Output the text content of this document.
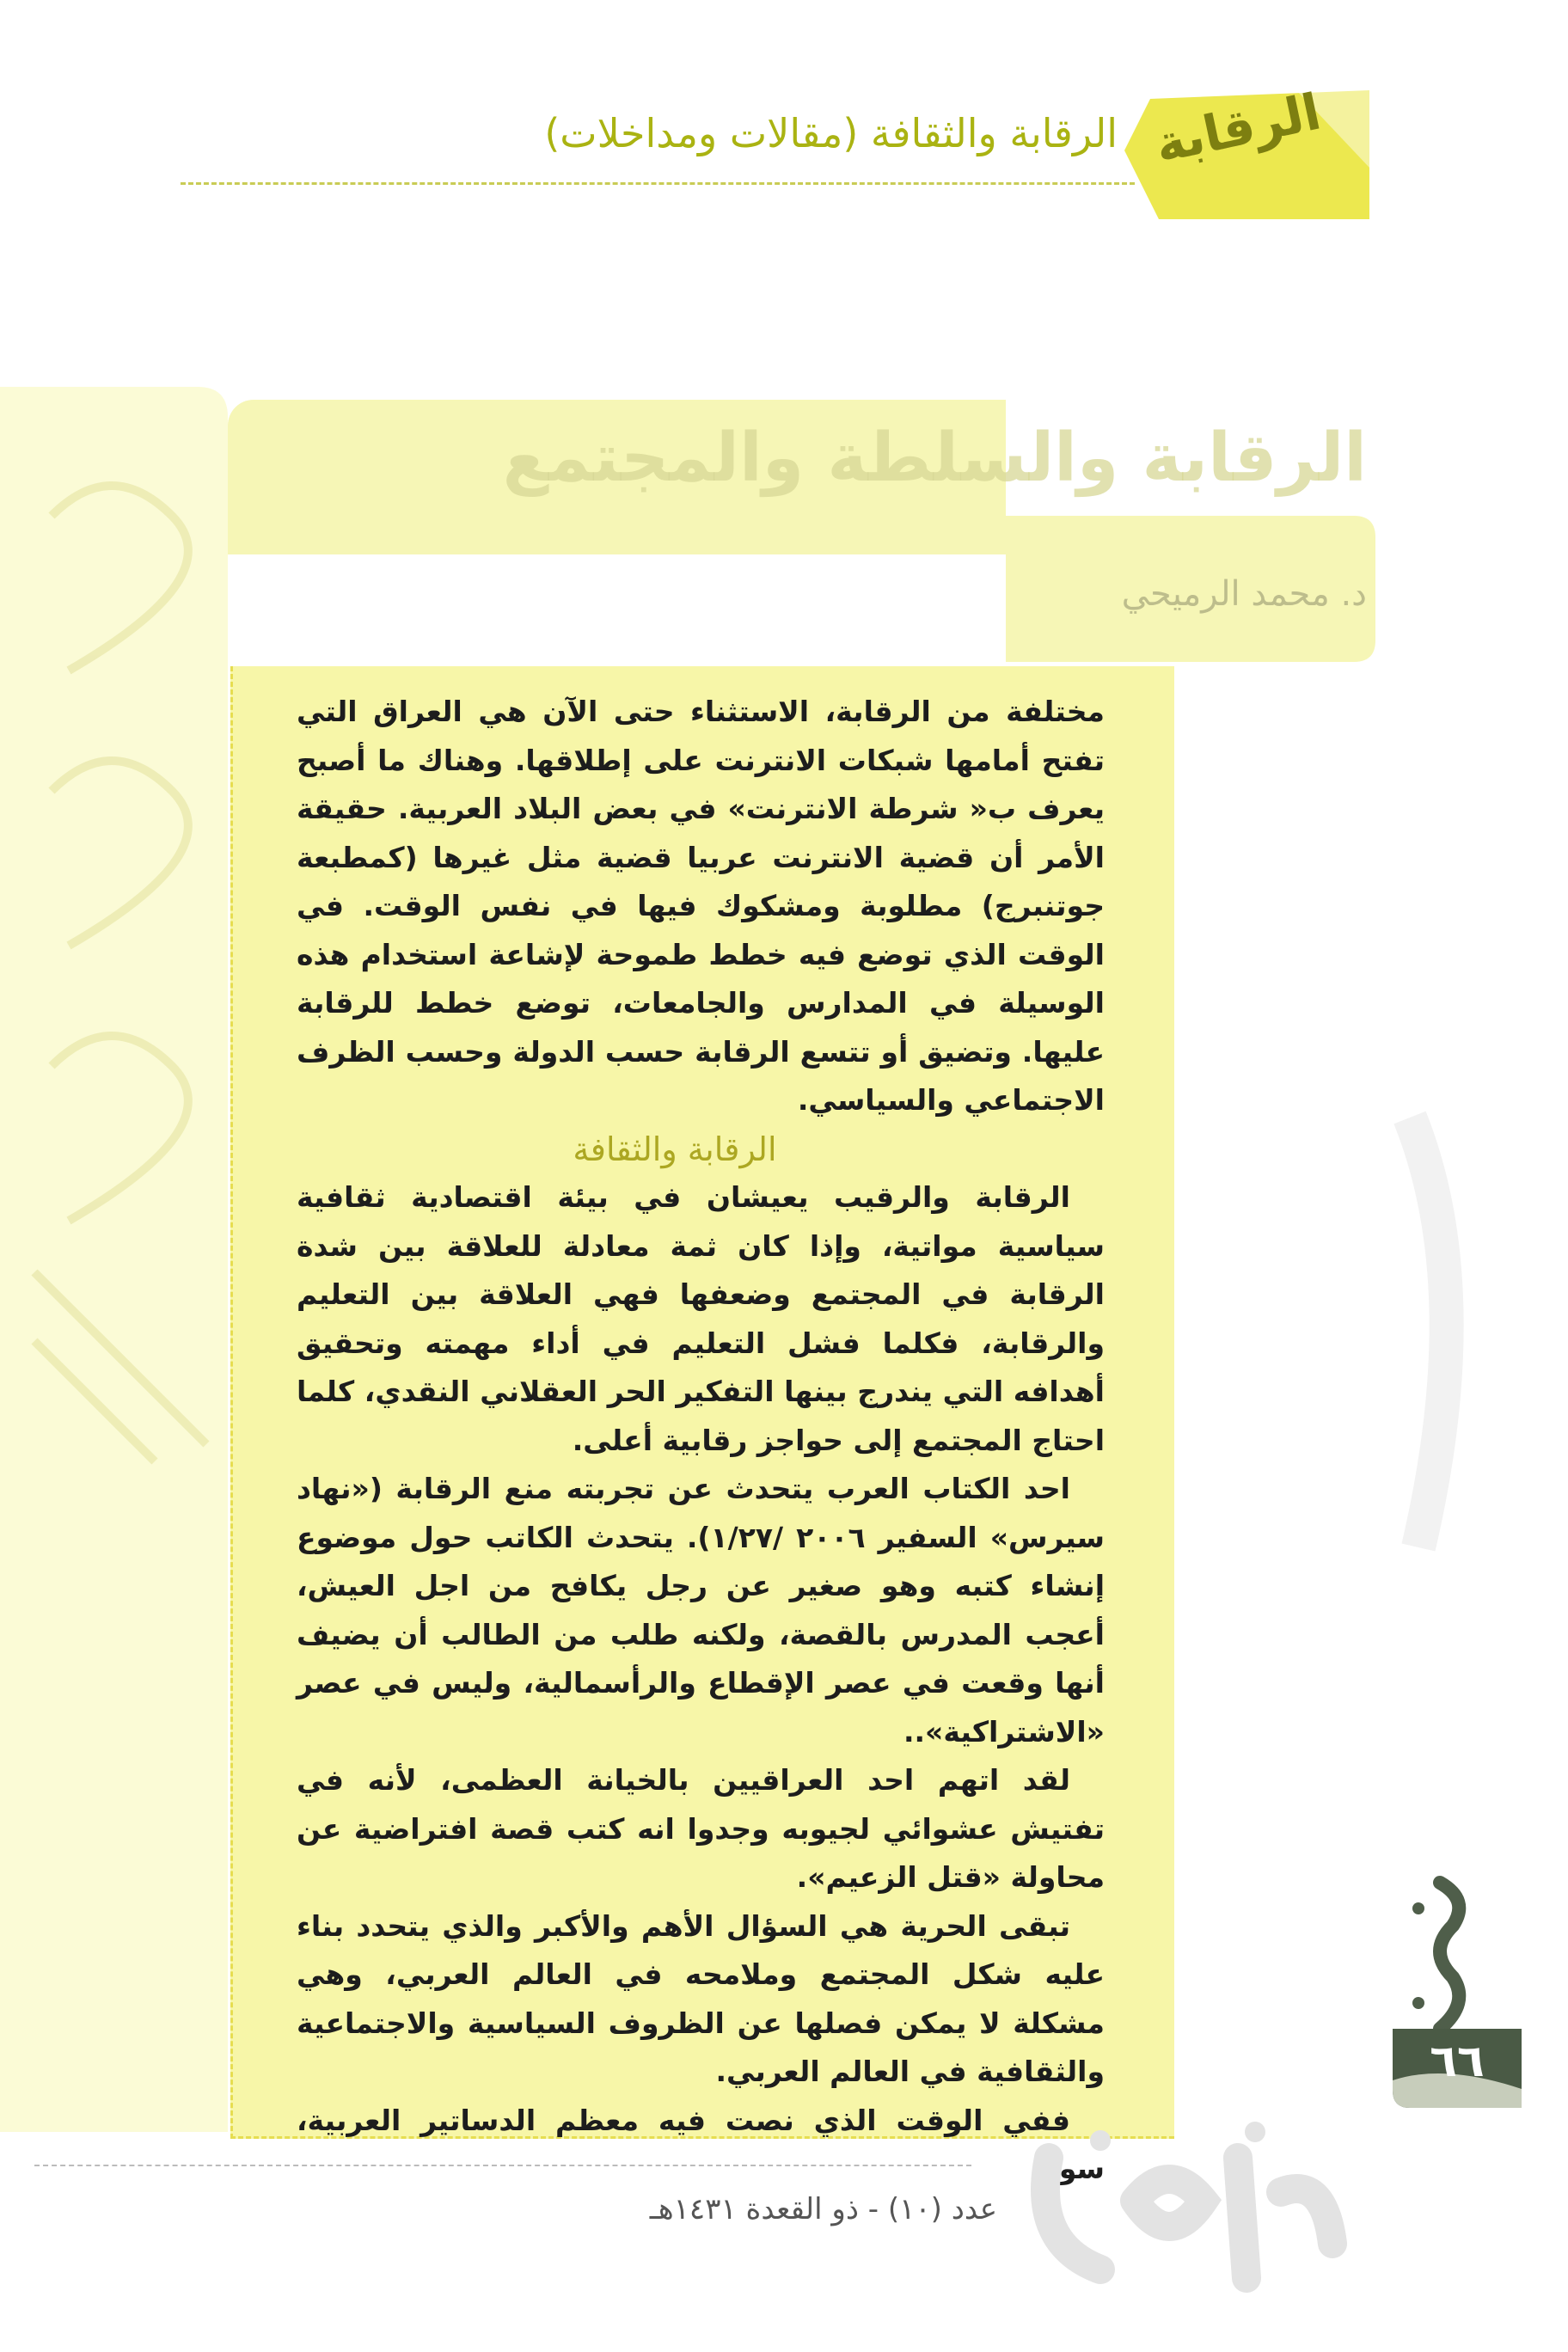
الرقابة
الرقابة والثقافة (مقالات ومداخلات)
الرقابة والسلطة والمجتمع
د. محمد الرميحي

مختلفة من الرقابة، الاستثناء حتى الآن هي العراق التي تفتح أمامها شبكات الانترنت على إطلاقها. وهناك ما أصبح يعرف ب« شرطة الانترنت» في بعض البلاد العربية. حقيقة الأمر أن قضية الانترنت عربيا قضية مثل غيرها (كمطبعة جوتنبرج) مطلوبة ومشكوك فيها في نفس الوقت. في الوقت الذي توضع فيه خطط طموحة لإشاعة استخدام هذه الوسيلة في المدارس والجامعات، توضع خطط للرقابة عليها. وتضيق أو تتسع الرقابة حسب الدولة وحسب الظرف الاجتماعي والسياسي.

الرقابة والثقافة

الرقابة والرقيب يعيشان في بيئة اقتصادية ثقافية سياسية مواتية، وإذا كان ثمة معادلة للعلاقة بين شدة الرقابة في المجتمع وضعفها فهي العلاقة بين التعليم والرقابة، فكلما فشل التعليم في أداء مهمته وتحقيق أهدافه التي يندرج بينها التفكير الحر العقلاني النقدي، كلما احتاج المجتمع إلى حواجز رقابية أعلى.

احد الكتاب العرب يتحدث عن تجربته منع الرقابة («نهاد سيرس» السفير ٢٠٠٦ /١/٢٧). يتحدث الكاتب حول موضوع إنشاء كتبه وهو صغير عن رجل يكافح من اجل العيش، أعجب المدرس بالقصة، ولكنه طلب من الطالب أن يضيف أنها وقعت في عصر الإقطاع والرأسمالية، وليس في عصر «الاشتراكية»..

لقد اتهم احد العراقيين بالخيانة العظمى، لأنه في تفتيش عشوائي لجيوبه وجدوا انه كتب قصة افتراضية عن محاولة «قتل الزعيم».

تبقى الحرية هي السؤال الأهم والأكبر والذي يتحدد بناء عليه شكل المجتمع وملامحه في العالم العربي، وهي مشكلة لا يمكن فصلها عن الظروف السياسية والاجتماعية والثقافية في العالم العربي.

ففي الوقت الذي نصت فيه معظم الدساتير العربية، سواء

٦٦
عدد (١٠) - ذو القعدة ١٤٣١هـ
